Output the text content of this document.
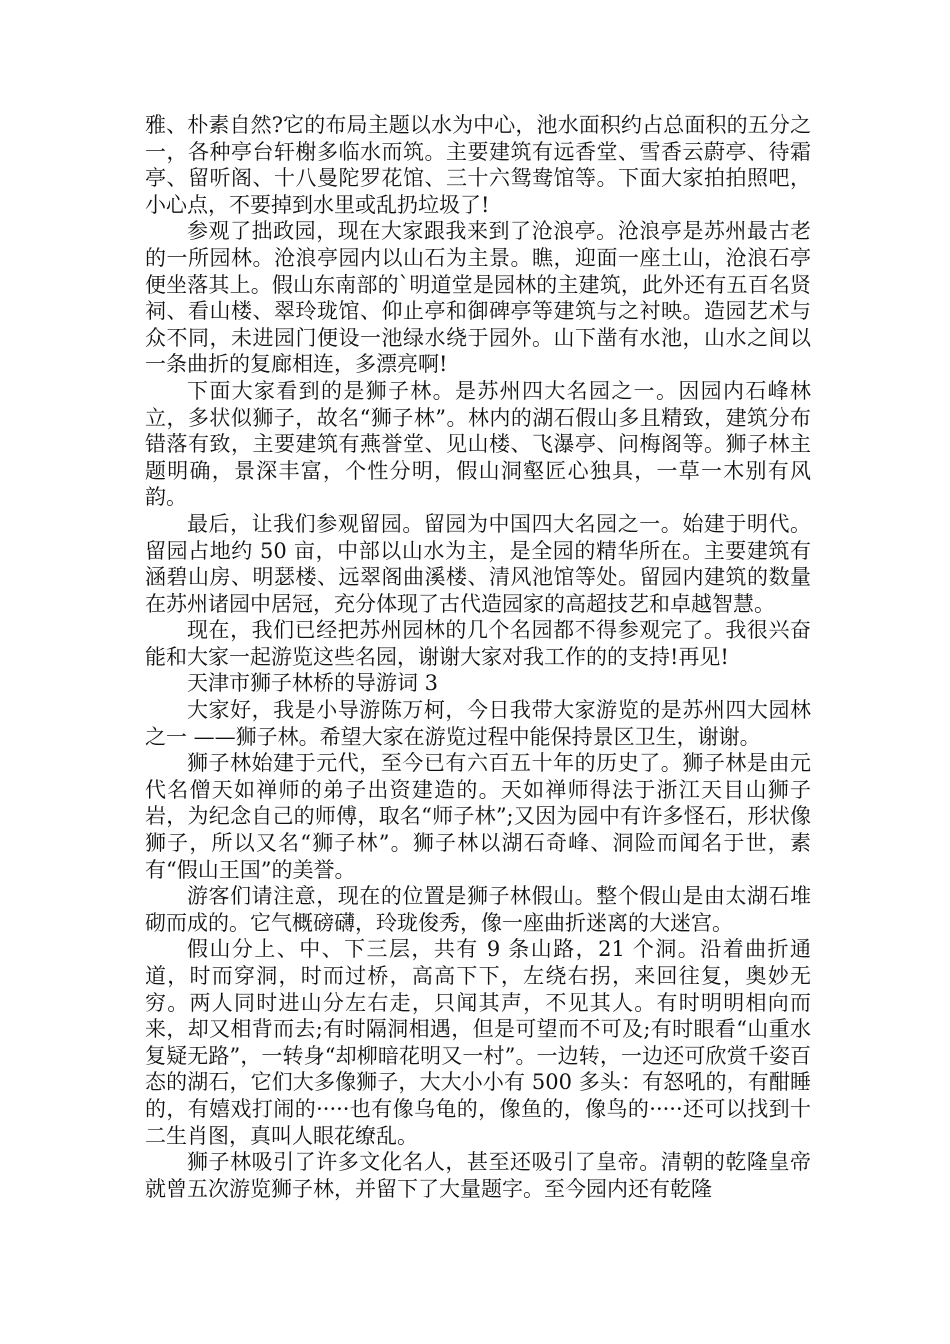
雅、朴素自然?它的布局主题以水为中心，池水面积约占总面积的五分之一，各种亭台轩榭多临水而筑。主要建筑有远香堂、雪香云蔚亭、待霜亭、留听阁、十八曼陀罗花馆、三十六鸳鸯馆等。下面大家拍拍照吧，小心点，不要掉到水里或乱扔垃圾了!

参观了拙政园，现在大家跟我来到了沧浪亭。沧浪亭是苏州最古老的一所园林。沧浪亭园内以山石为主景。瞧，迎面一座土山，沧浪石亭便坐落其上。假山东南部的`明道堂是园林的主建筑，此外还有五百名贤祠、看山楼、翠玲珑馆、仰止亭和御碑亭等建筑与之衬映。造园艺术与众不同，未进园门便设一池绿水绕于园外。山下凿有水池，山水之间以一条曲折的复廊相连，多漂亮啊!

下面大家看到的是狮子林。是苏州四大名园之一。因园内石峰林立，多状似狮子，故名“狮子林”。林内的湖石假山多且精致，建筑分布错落有致，主要建筑有燕誉堂、见山楼、飞瀑亭、问梅阁等。狮子林主题明确，景深丰富，个性分明，假山洞壑匠心独具，一草一木别有风韵。

最后，让我们参观留园。留园为中国四大名园之一。始建于明代。留园占地约 50 亩，中部以山水为主，是全园的精华所在。主要建筑有涵碧山房、明瑟楼、远翠阁曲溪楼、清风池馆等处。留园内建筑的数量在苏州诸园中居冠，充分体现了古代造园家的高超技艺和卓越智慧。

现在，我们已经把苏州园林的几个名园都不得参观完了。我很兴奋能和大家一起游览这些名园，谢谢大家对我工作的的支持!再见!

天津市狮子林桥的导游词 3

大家好，我是小导游陈万柯，今日我带大家游览的是苏州四大园林之一 ——狮子林。希望大家在游览过程中能保持景区卫生，谢谢。

狮子林始建于元代，至今已有六百五十年的历史了。狮子林是由元代名僧天如禅师的弟子出资建造的。天如禅师得法于浙江天目山狮子岩，为纪念自己的师傅，取名“师子林”;又因为园中有许多怪石，形状像狮子，所以又名“狮子林”。狮子林以湖石奇峰、洞险而闻名于世，素有“假山王国”的美誉。

游客们请注意，现在的位置是狮子林假山。整个假山是由太湖石堆砌而成的。它气概磅礴，玲珑俊秀，像一座曲折迷离的大迷宫。

假山分上、中、下三层，共有 9 条山路，21 个洞。沿着曲折通道，时而穿洞，时而过桥，高高下下，左绕右拐，来回往复，奥妙无穷。两人同时进山分左右走，只闻其声，不见其人。有时明明相向而来，却又相背而去;有时隔洞相遇，但是可望而不可及;有时眼看“山重水复疑无路”，一转身“却柳暗花明又一村”。一边转，一边还可欣赏千姿百态的湖石，它们大多像狮子，大大小小有 500 多头：有怒吼的，有酣睡的，有嬉戏打闹的·····也有像乌龟的，像鱼的，像鸟的·····还可以找到十二生肖图，真叫人眼花缭乱。

狮子林吸引了许多文化名人，甚至还吸引了皇帝。清朝的乾隆皇帝就曾五次游览狮子林，并留下了大量题字。至今园内还有乾隆
